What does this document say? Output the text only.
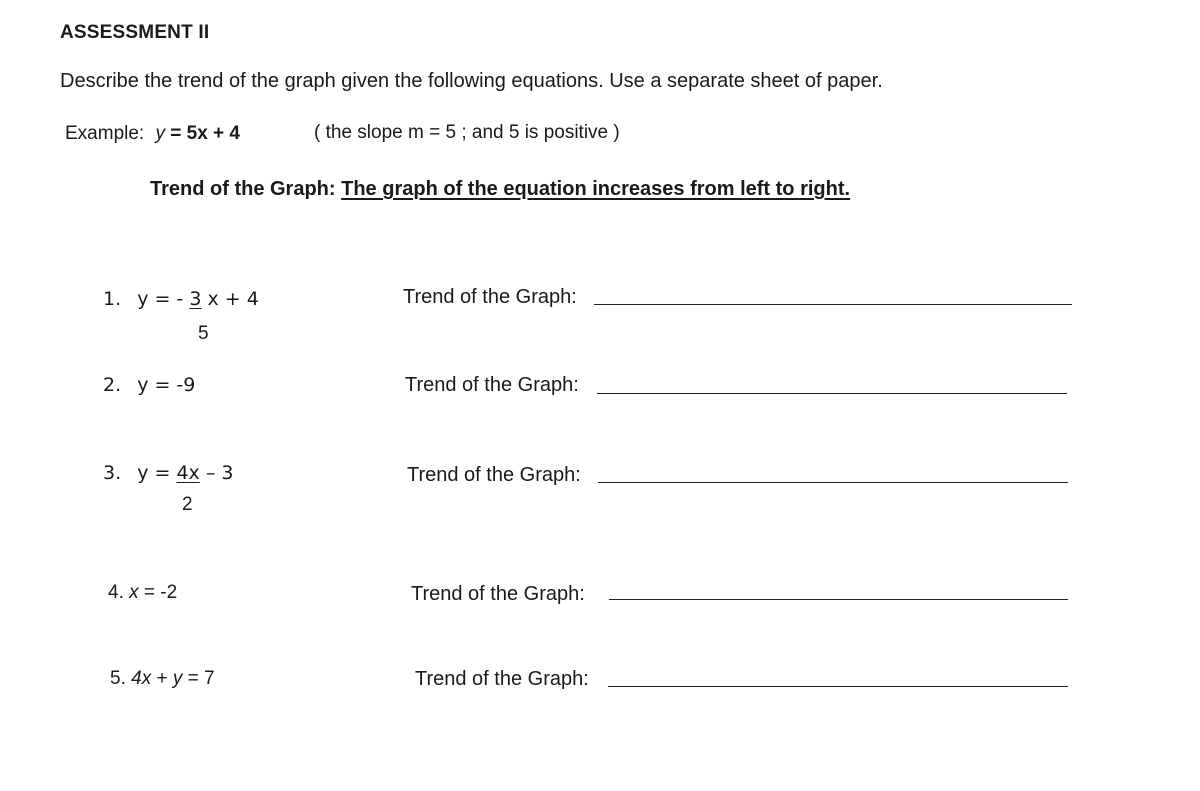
ASSESSMENT II
Describe the trend of the graph given the following equations. Use a separate sheet of paper.
Example: y = 5x + 4	( the slope m = 5 ; and 5 is positive )
Trend of the Graph: The graph of the equation increases from left to right.
1. y = - 3 x + 4
5
Trend of the Graph:
2. y = -9	Trend of the Graph:
3. y = 4x – 3
2
Trend of the Graph:
4. x = -2	Trend of the Graph:
5. 4x + y = 7	Trend of the Graph:
